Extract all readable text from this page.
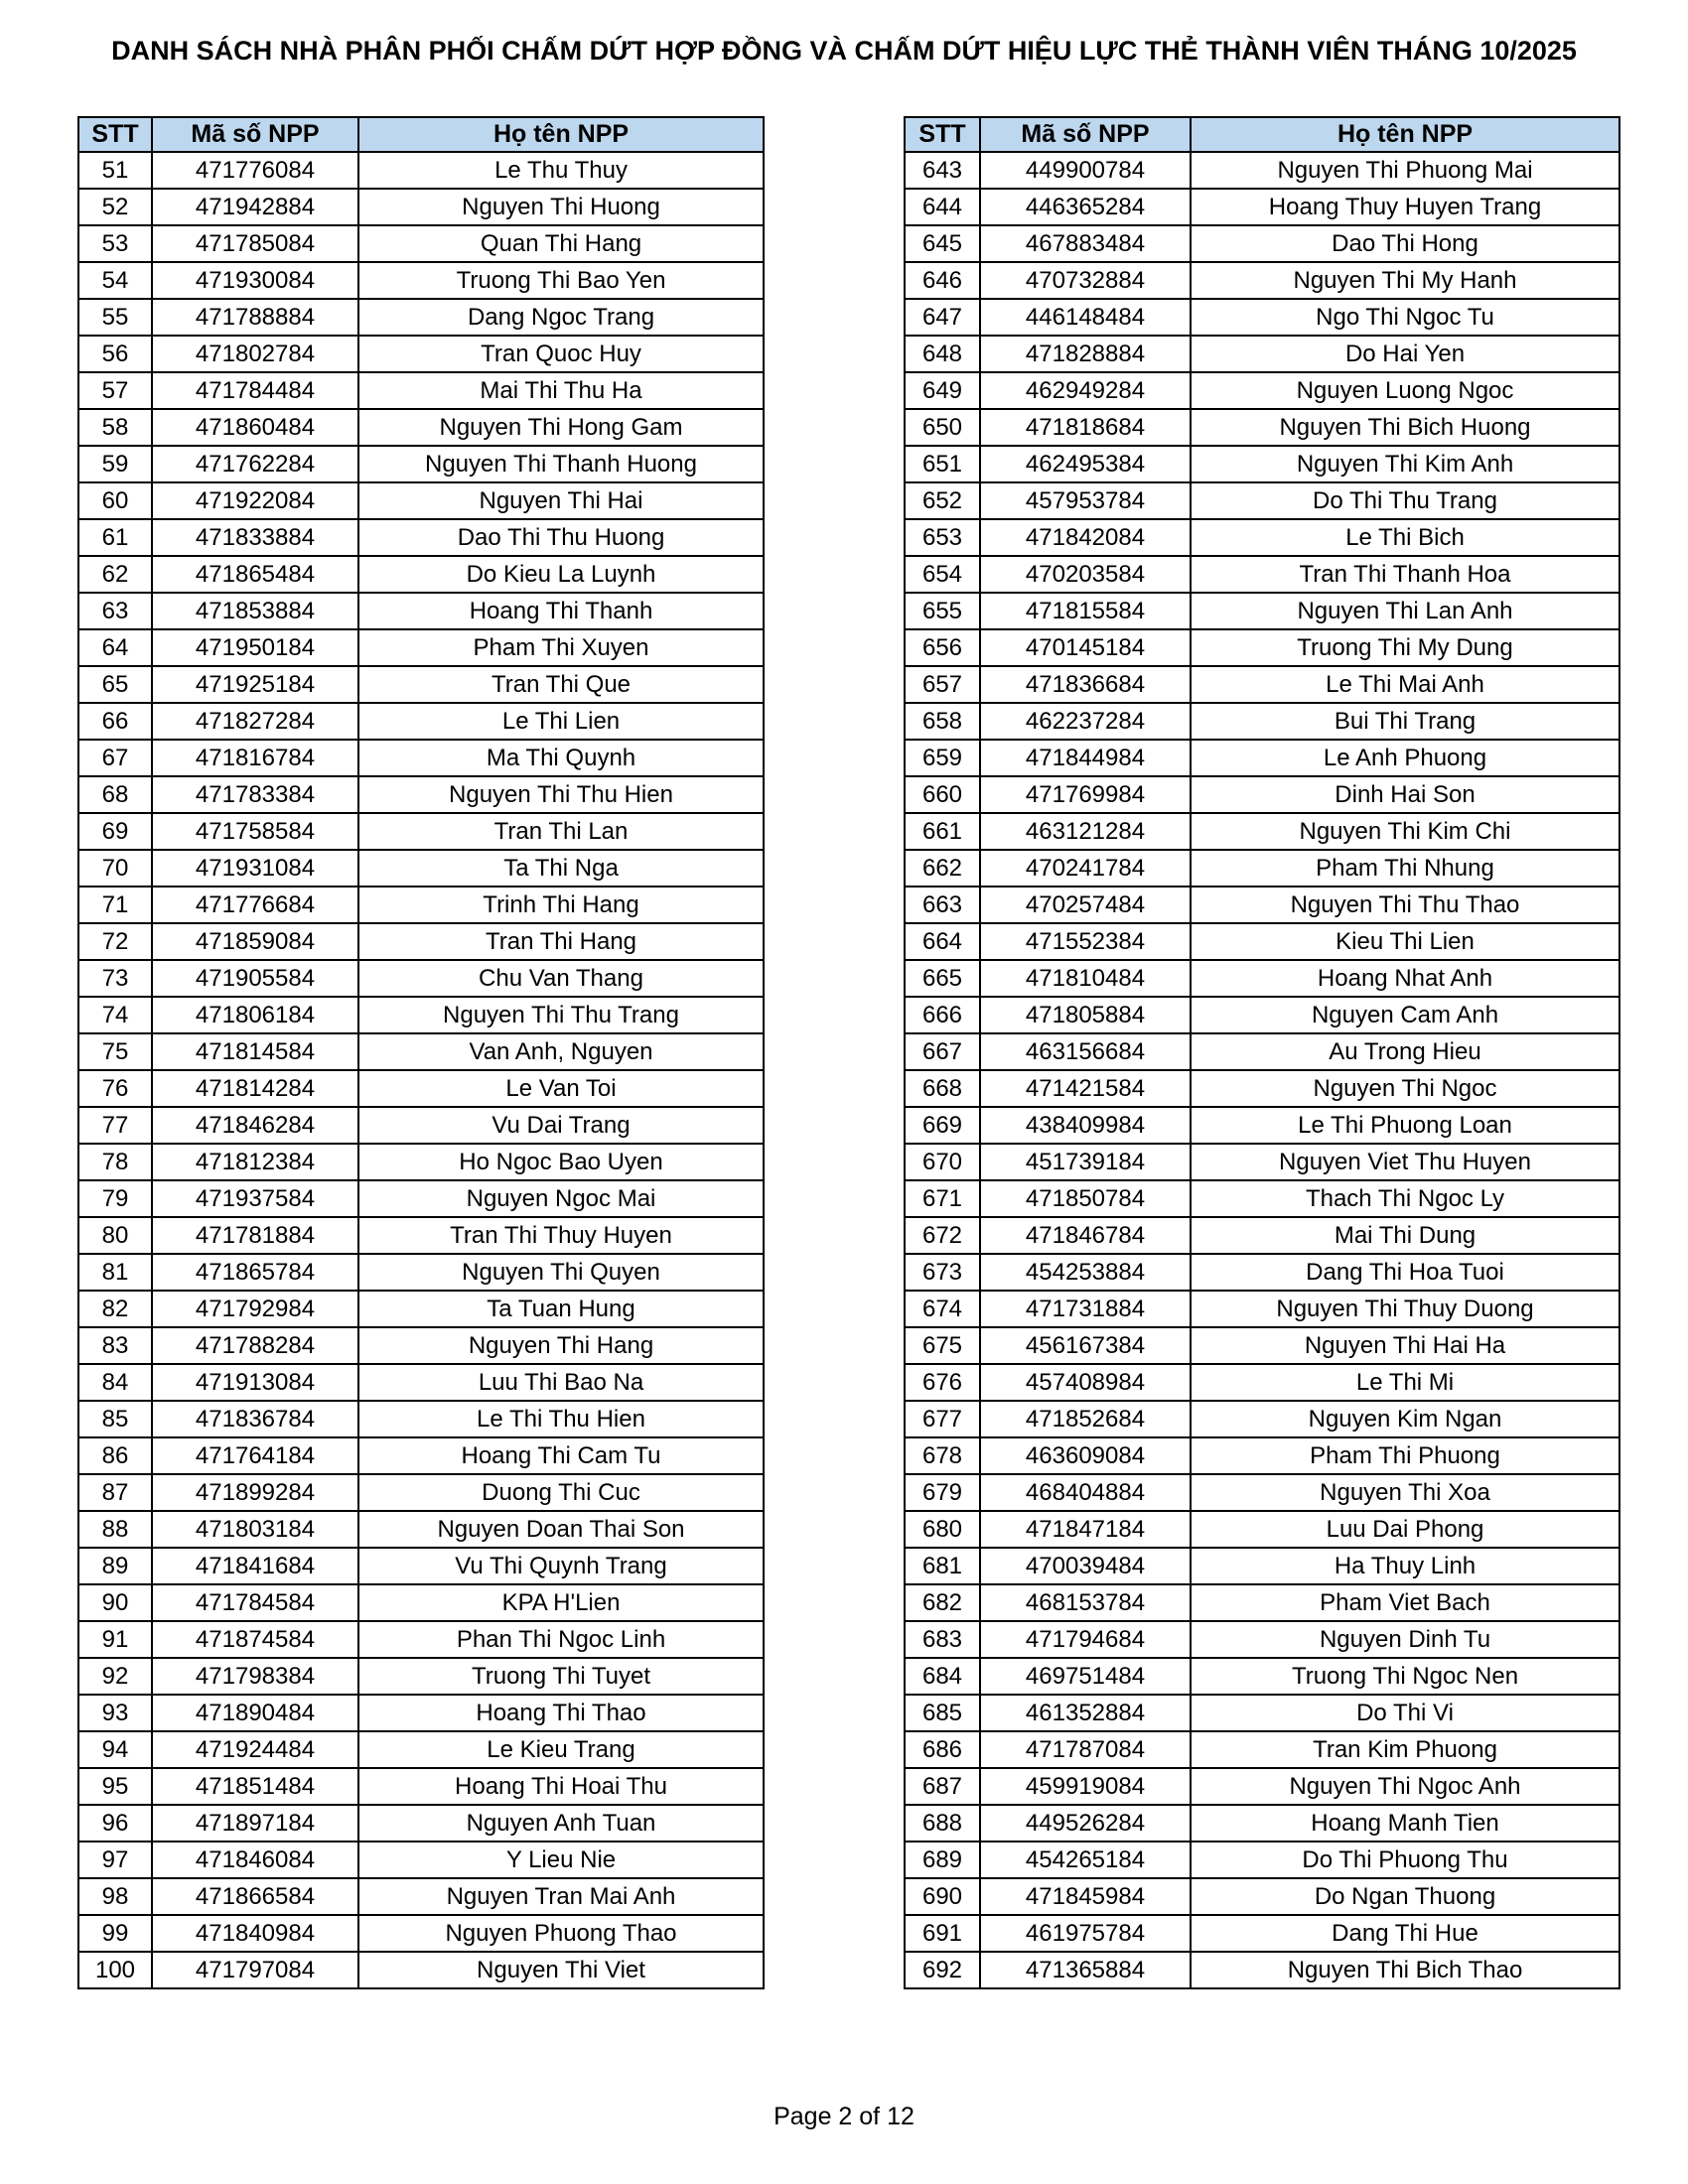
DANH SÁCH NHÀ PHÂN PHỐI CHẤM DỨT HỢP ĐỒNG VÀ CHẤM DỨT HIỆU LỰC THẺ THÀNH VIÊN THÁNG 10/2025
STT	Mã số NPP	Họ tên NPP
51	471776084	Le Thu Thuy
52	471942884	Nguyen Thi Huong
53	471785084	Quan Thi Hang
54	471930084	Truong Thi Bao Yen
55	471788884	Dang Ngoc Trang
56	471802784	Tran Quoc Huy
57	471784484	Mai Thi Thu Ha
58	471860484	Nguyen Thi Hong Gam
59	471762284	Nguyen Thi Thanh Huong
60	471922084	Nguyen Thi Hai
61	471833884	Dao Thi Thu Huong
62	471865484	Do Kieu La Luynh
63	471853884	Hoang Thi Thanh
64	471950184	Pham Thi Xuyen
65	471925184	Tran Thi Que
66	471827284	Le Thi Lien
67	471816784	Ma Thi Quynh
68	471783384	Nguyen Thi Thu Hien
69	471758584	Tran Thi Lan
70	471931084	Ta Thi Nga
71	471776684	Trinh Thi Hang
72	471859084	Tran Thi Hang
73	471905584	Chu Van Thang
74	471806184	Nguyen Thi Thu Trang
75	471814584	Van Anh, Nguyen
76	471814284	Le Van Toi
77	471846284	Vu Dai Trang
78	471812384	Ho Ngoc Bao Uyen
79	471937584	Nguyen Ngoc Mai
80	471781884	Tran Thi Thuy Huyen
81	471865784	Nguyen Thi Quyen
82	471792984	Ta Tuan Hung
83	471788284	Nguyen Thi Hang
84	471913084	Luu Thi Bao Na
85	471836784	Le Thi Thu Hien
86	471764184	Hoang Thi Cam Tu
87	471899284	Duong Thi Cuc
88	471803184	Nguyen Doan Thai Son
89	471841684	Vu Thi Quynh Trang
90	471784584	KPA H'Lien
91	471874584	Phan Thi Ngoc Linh
92	471798384	Truong Thi Tuyet
93	471890484	Hoang Thi Thao
94	471924484	Le Kieu Trang
95	471851484	Hoang Thi Hoai Thu
96	471897184	Nguyen Anh Tuan
97	471846084	Y Lieu Nie
98	471866584	Nguyen Tran Mai Anh
99	471840984	Nguyen Phuong Thao
100	471797084	Nguyen Thi Viet
STT	Mã số NPP	Họ tên NPP
643	449900784	Nguyen Thi Phuong Mai
644	446365284	Hoang Thuy Huyen Trang
645	467883484	Dao Thi Hong
646	470732884	Nguyen Thi My Hanh
647	446148484	Ngo Thi Ngoc Tu
648	471828884	Do Hai Yen
649	462949284	Nguyen Luong Ngoc
650	471818684	Nguyen Thi Bich Huong
651	462495384	Nguyen Thi Kim Anh
652	457953784	Do Thi Thu Trang
653	471842084	Le Thi Bich
654	470203584	Tran Thi Thanh Hoa
655	471815584	Nguyen Thi Lan Anh
656	470145184	Truong Thi My Dung
657	471836684	Le Thi Mai Anh
658	462237284	Bui Thi Trang
659	471844984	Le Anh Phuong
660	471769984	Dinh Hai Son
661	463121284	Nguyen Thi Kim Chi
662	470241784	Pham Thi Nhung
663	470257484	Nguyen Thi Thu Thao
664	471552384	Kieu Thi Lien
665	471810484	Hoang Nhat Anh
666	471805884	Nguyen Cam Anh
667	463156684	Au Trong Hieu
668	471421584	Nguyen Thi Ngoc
669	438409984	Le Thi Phuong Loan
670	451739184	Nguyen Viet Thu Huyen
671	471850784	Thach Thi Ngoc Ly
672	471846784	Mai Thi Dung
673	454253884	Dang Thi Hoa Tuoi
674	471731884	Nguyen Thi Thuy Duong
675	456167384	Nguyen Thi Hai Ha
676	457408984	Le Thi Mi
677	471852684	Nguyen Kim Ngan
678	463609084	Pham Thi Phuong
679	468404884	Nguyen Thi Xoa
680	471847184	Luu Dai Phong
681	470039484	Ha Thuy Linh
682	468153784	Pham Viet Bach
683	471794684	Nguyen Dinh Tu
684	469751484	Truong Thi Ngoc Nen
685	461352884	Do Thi Vi
686	471787084	Tran Kim Phuong
687	459919084	Nguyen Thi Ngoc Anh
688	449526284	Hoang Manh Tien
689	454265184	Do Thi Phuong Thu
690	471845984	Do Ngan Thuong
691	461975784	Dang Thi Hue
692	471365884	Nguyen Thi Bich Thao
Page 2 of 12
